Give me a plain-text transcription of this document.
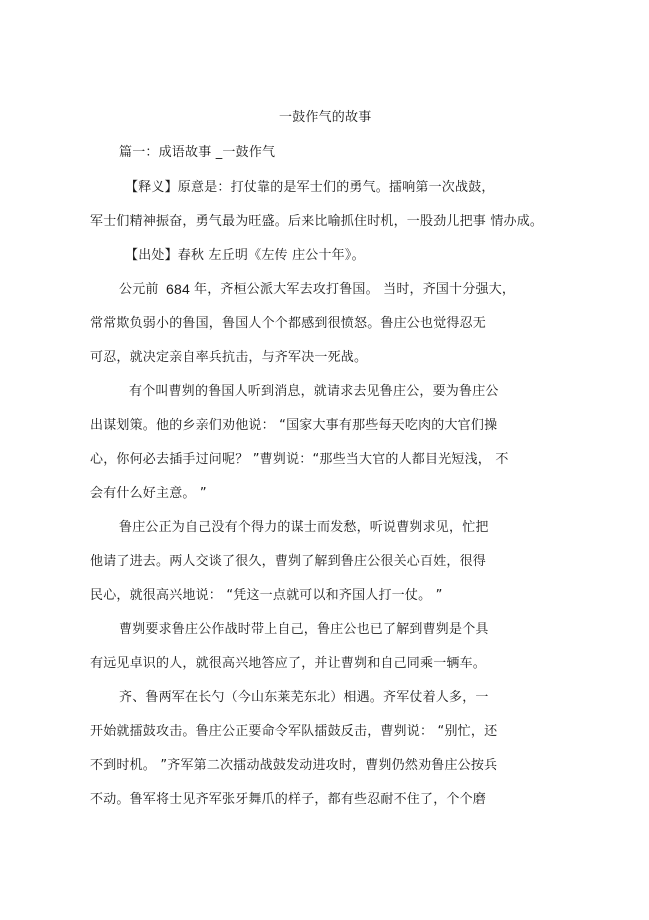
一鼓作气的故事
篇一：成语故事 _一鼓作气
【释义】原意是：打仗靠的是军士们的勇气。擂响第一次战鼓，
军士们精神振奋，勇气最为旺盛。后来比喻抓住时机，一股劲儿把事 情办成。
【出处】春秋 左丘明《左传 庄公十年》。
公元前 684 年，齐桓公派大军去攻打鲁国。 当时，齐国十分强大，
常常欺负弱小的鲁国，鲁国人个个都感到很愤怒。鲁庄公也觉得忍无
可忍，就决定亲自率兵抗击，与齐军决一死战。
有个叫曹刿的鲁国人听到消息，就请求去见鲁庄公，要为鲁庄公
出谋划策。他的乡亲们劝他说： “国家大事有那些每天吃肉的大官们操
心，你何必去插手过问呢？ ”曹刿说：“那些当大官的人都目光短浅， 不
会有什么好主意。 ”
鲁庄公正为自己没有个得力的谋士而发愁，听说曹刿求见，忙把
他请了进去。两人交谈了很久，曹刿了解到鲁庄公很关心百姓，很得
民心，就很高兴地说： “凭这一点就可以和齐国人打一仗。 ”
曹刿要求鲁庄公作战时带上自己，鲁庄公也已了解到曹刿是个具
有远见卓识的人，就很高兴地答应了，并让曹刿和自己同乘一辆车。
齐、鲁两军在长勺（今山东莱芜东北）相遇。齐军仗着人多，一
开始就擂鼓攻击。鲁庄公正要命令军队擂鼓反击，曹刿说： “别忙，还
不到时机。 ”齐军第二次擂动战鼓发动进攻时，曹刿仍然劝鲁庄公按兵
不动。鲁军将士见齐军张牙舞爪的样子，都有些忍耐不住了，个个磨
